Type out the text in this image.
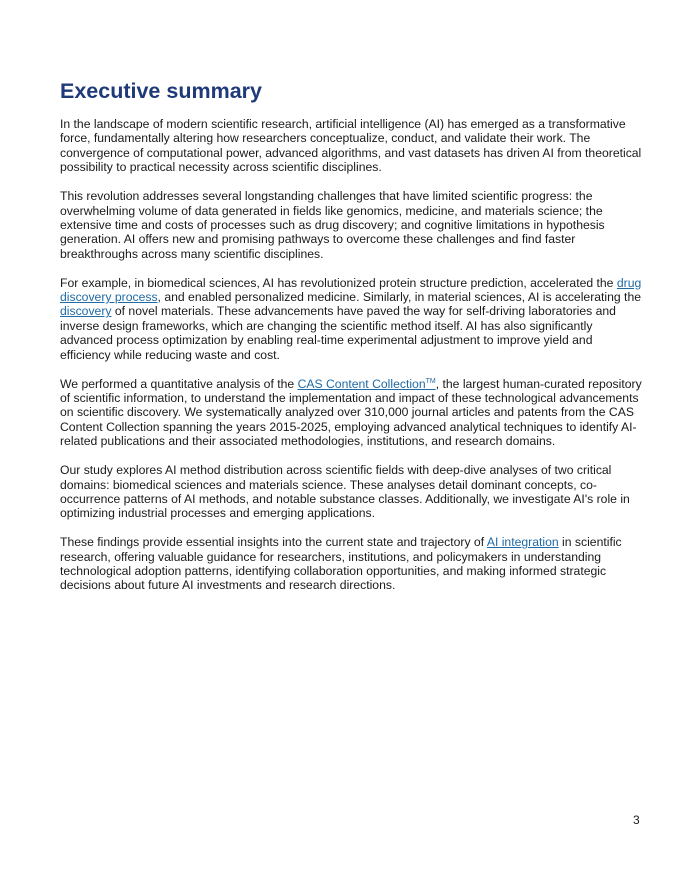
Executive summary

In the landscape of modern scientific research, artificial intelligence (AI) has emerged as a transformative force, fundamentally altering how researchers conceptualize, conduct, and validate their work. The convergence of computational power, advanced algorithms, and vast datasets has driven AI from theoretical possibility to practical necessity across scientific disciplines.

This revolution addresses several longstanding challenges that have limited scientific progress: the overwhelming volume of data generated in fields like genomics, medicine, and materials science; the extensive time and costs of processes such as drug discovery; and cognitive limitations in hypothesis generation. AI offers new and promising pathways to overcome these challenges and find faster breakthroughs across many scientific disciplines.

For example, in biomedical sciences, AI has revolutionized protein structure prediction, accelerated the drug discovery process, and enabled personalized medicine. Similarly, in material sciences, AI is accelerating the discovery of novel materials. These advancements have paved the way for self-driving laboratories and inverse design frameworks, which are changing the scientific method itself. AI has also significantly advanced process optimization by enabling real-time experimental adjustment to improve yield and efficiency while reducing waste and cost.

We performed a quantitative analysis of the CAS Content Collection™, the largest human-curated repository of scientific information, to understand the implementation and impact of these technological advancements on scientific discovery. We systematically analyzed over 310,000 journal articles and patents from the CAS Content Collection spanning the years 2015-2025, employing advanced analytical techniques to identify AI-related publications and their associated methodologies, institutions, and research domains.

Our study explores AI method distribution across scientific fields with deep-dive analyses of two critical domains: biomedical sciences and materials science. These analyses detail dominant concepts, co-occurrence patterns of AI methods, and notable substance classes. Additionally, we investigate AI's role in optimizing industrial processes and emerging applications.

These findings provide essential insights into the current state and trajectory of AI integration in scientific research, offering valuable guidance for researchers, institutions, and policymakers in understanding technological adoption patterns, identifying collaboration opportunities, and making informed strategic decisions about future AI investments and research directions.

3
